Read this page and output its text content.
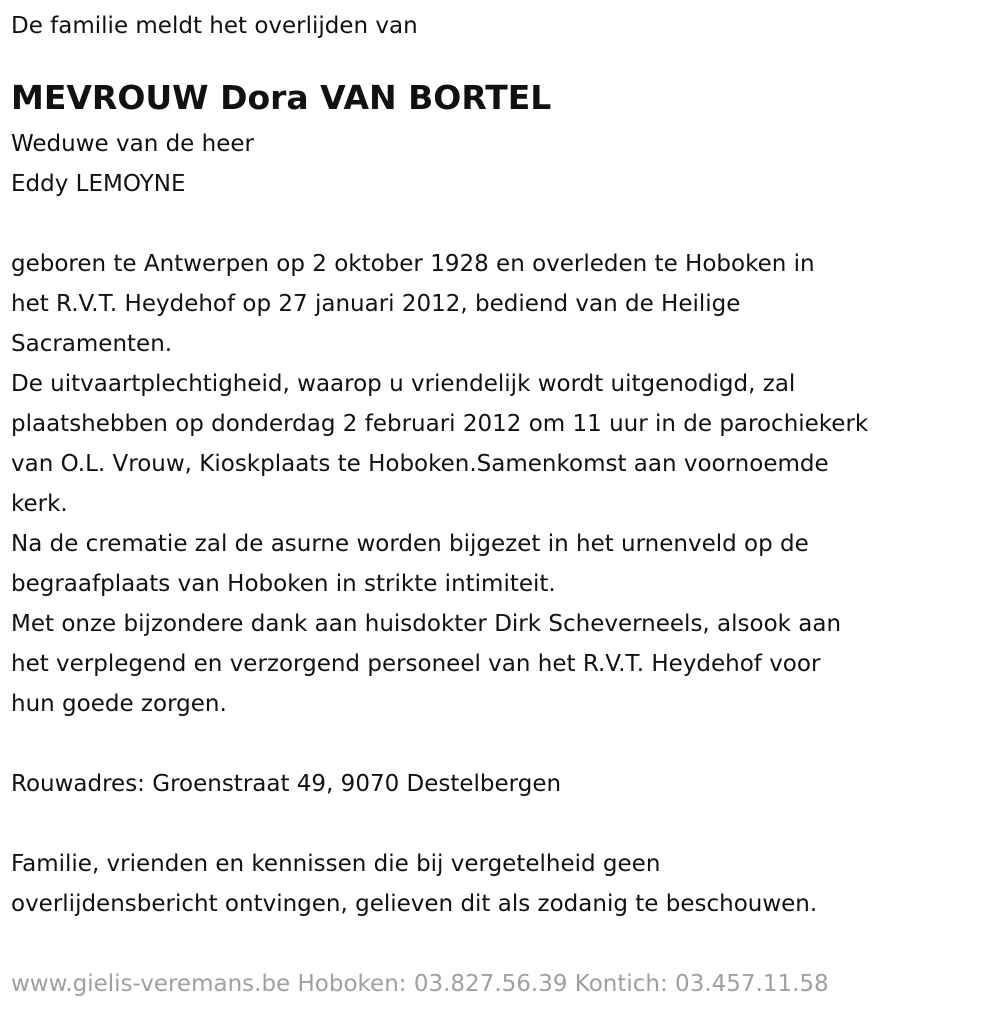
De familie meldt het overlijden van
MEVROUW Dora VAN BORTEL
Weduwe van de heer
Eddy LEMOYNE
geboren te Antwerpen op 2 oktober 1928 en overleden te Hoboken in
het R.V.T. Heydehof op 27 januari 2012, bediend van de Heilige
Sacramenten.
De uitvaartplechtigheid, waarop u vriendelijk wordt uitgenodigd, zal
plaatshebben op donderdag 2 februari 2012 om 11 uur in de parochiekerk
van O.L. Vrouw, Kioskplaats te Hoboken.Samenkomst aan voornoemde
kerk.
Na de crematie zal de asurne worden bijgezet in het urnenveld op de
begraafplaats van Hoboken in strikte intimiteit.
Met onze bijzondere dank aan huisdokter Dirk Scheverneels, alsook aan
het verplegend en verzorgend personeel van het R.V.T. Heydehof voor
hun goede zorgen.
Rouwadres: Groenstraat 49, 9070 Destelbergen
Familie, vrienden en kennissen die bij vergetelheid geen
overlijdensbericht ontvingen, gelieven dit als zodanig te beschouwen.
www.gielis-veremans.be Hoboken: 03.827.56.39 Kontich: 03.457.11.58
